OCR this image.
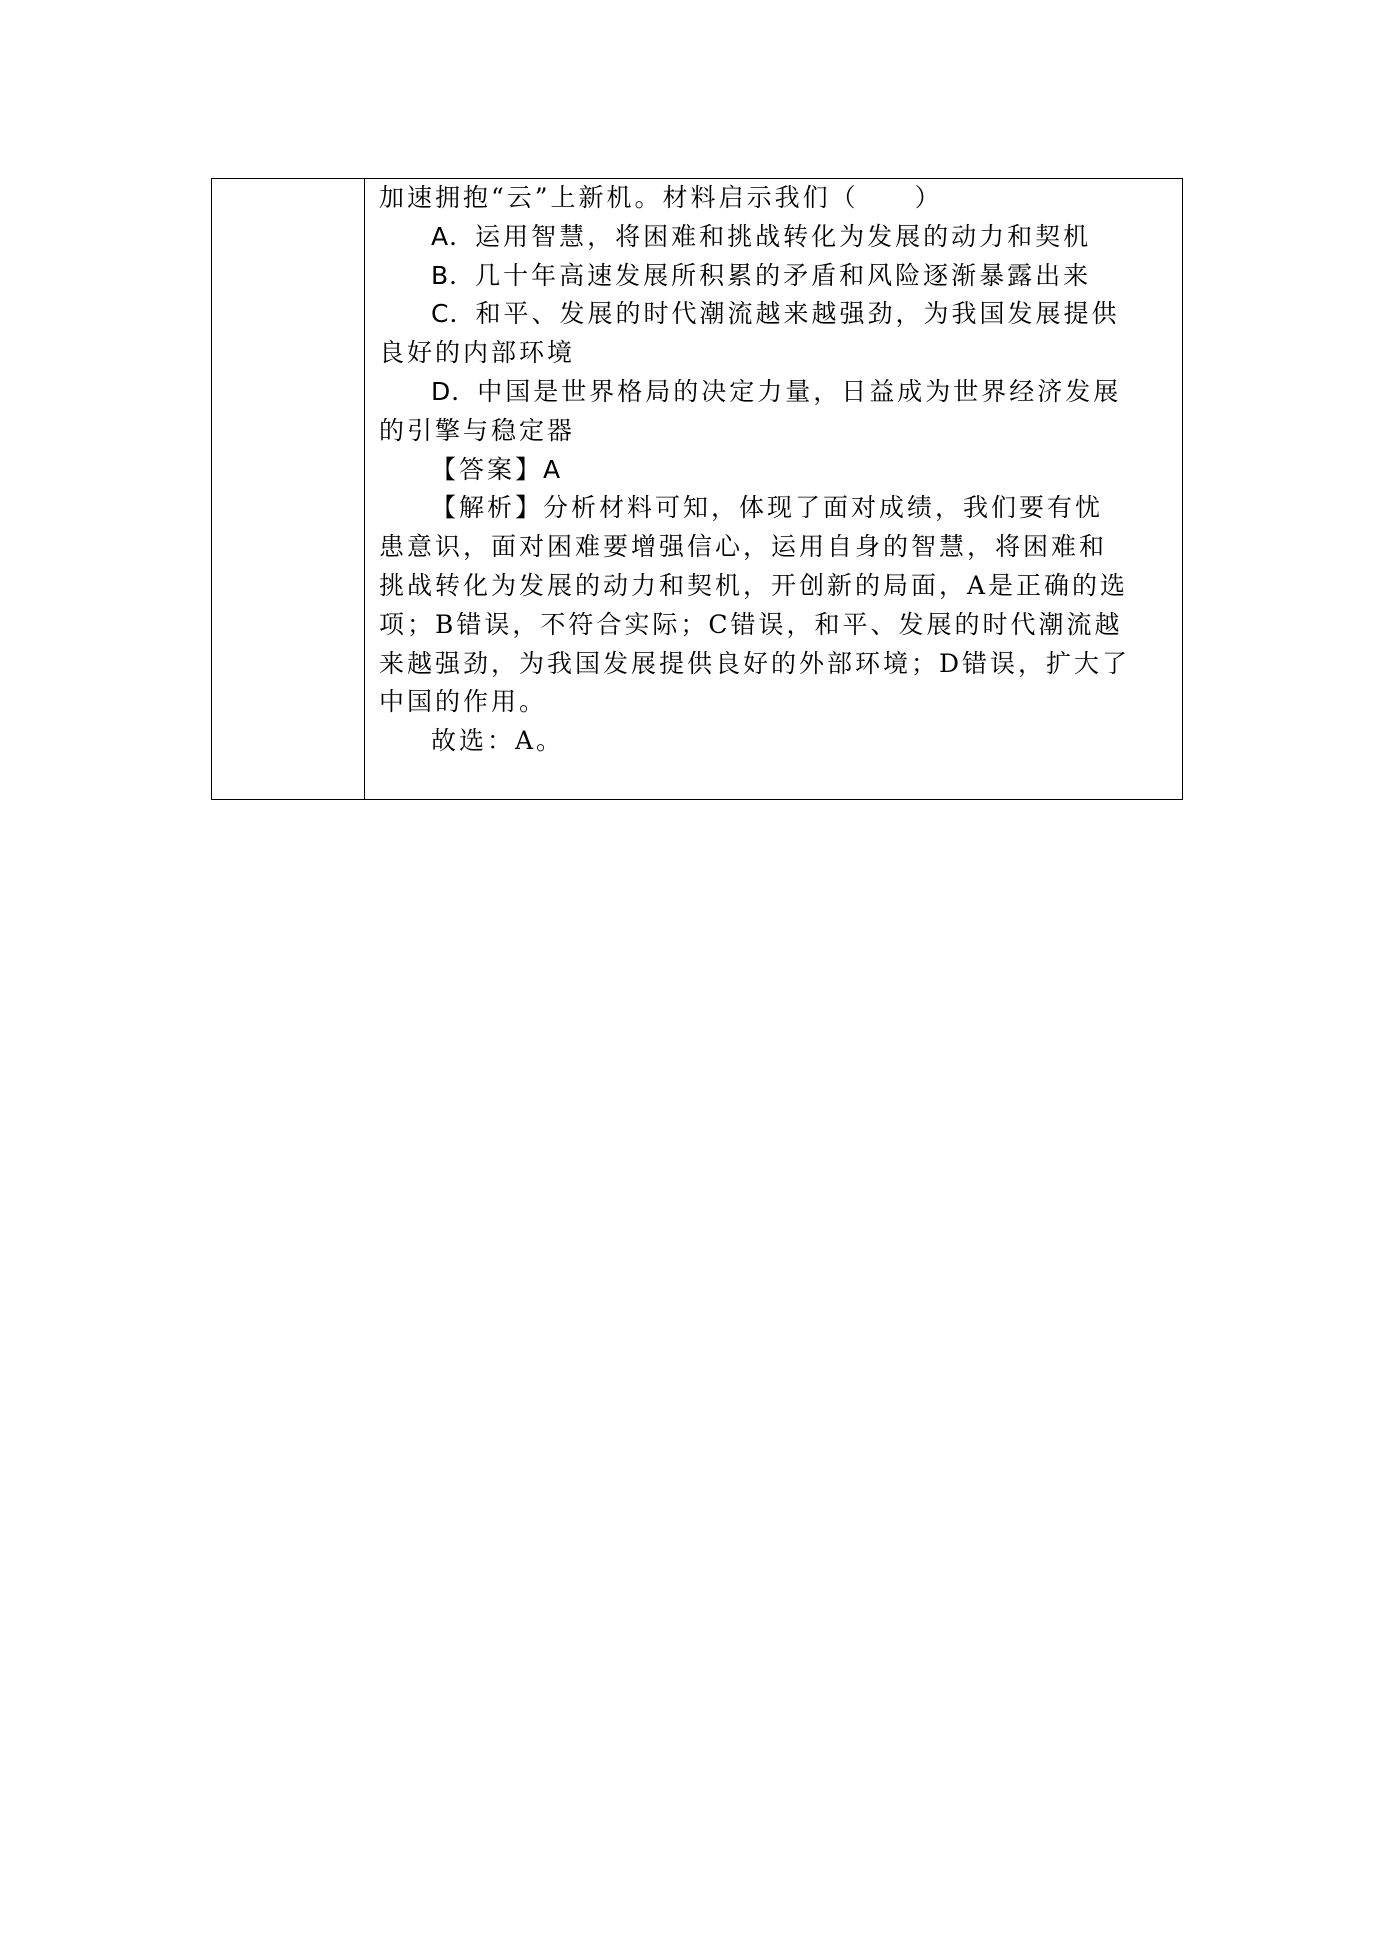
加速拥抱“云”上新机。材料启示我们（　　）
A．运用智慧，将困难和挑战转化为发展的动力和契机
B．几十年高速发展所积累的矛盾和风险逐渐暴露出来
C．和平、发展的时代潮流越来越强劲，为我国发展提供
良好的内部环境
D．中国是世界格局的决定力量，日益成为世界经济发展
的引擎与稳定器
【答案】A
【解析】分析材料可知，体现了面对成绩，我们要有忧
患意识，面对困难要增强信心，运用自身的智慧，将困难和
挑战转化为发展的动力和契机，开创新的局面，A是正确的选
项；B错误，不符合实际；C错误，和平、发展的时代潮流越
来越强劲，为我国发展提供良好的外部环境；D错误，扩大了
中国的作用。
故选：A。
